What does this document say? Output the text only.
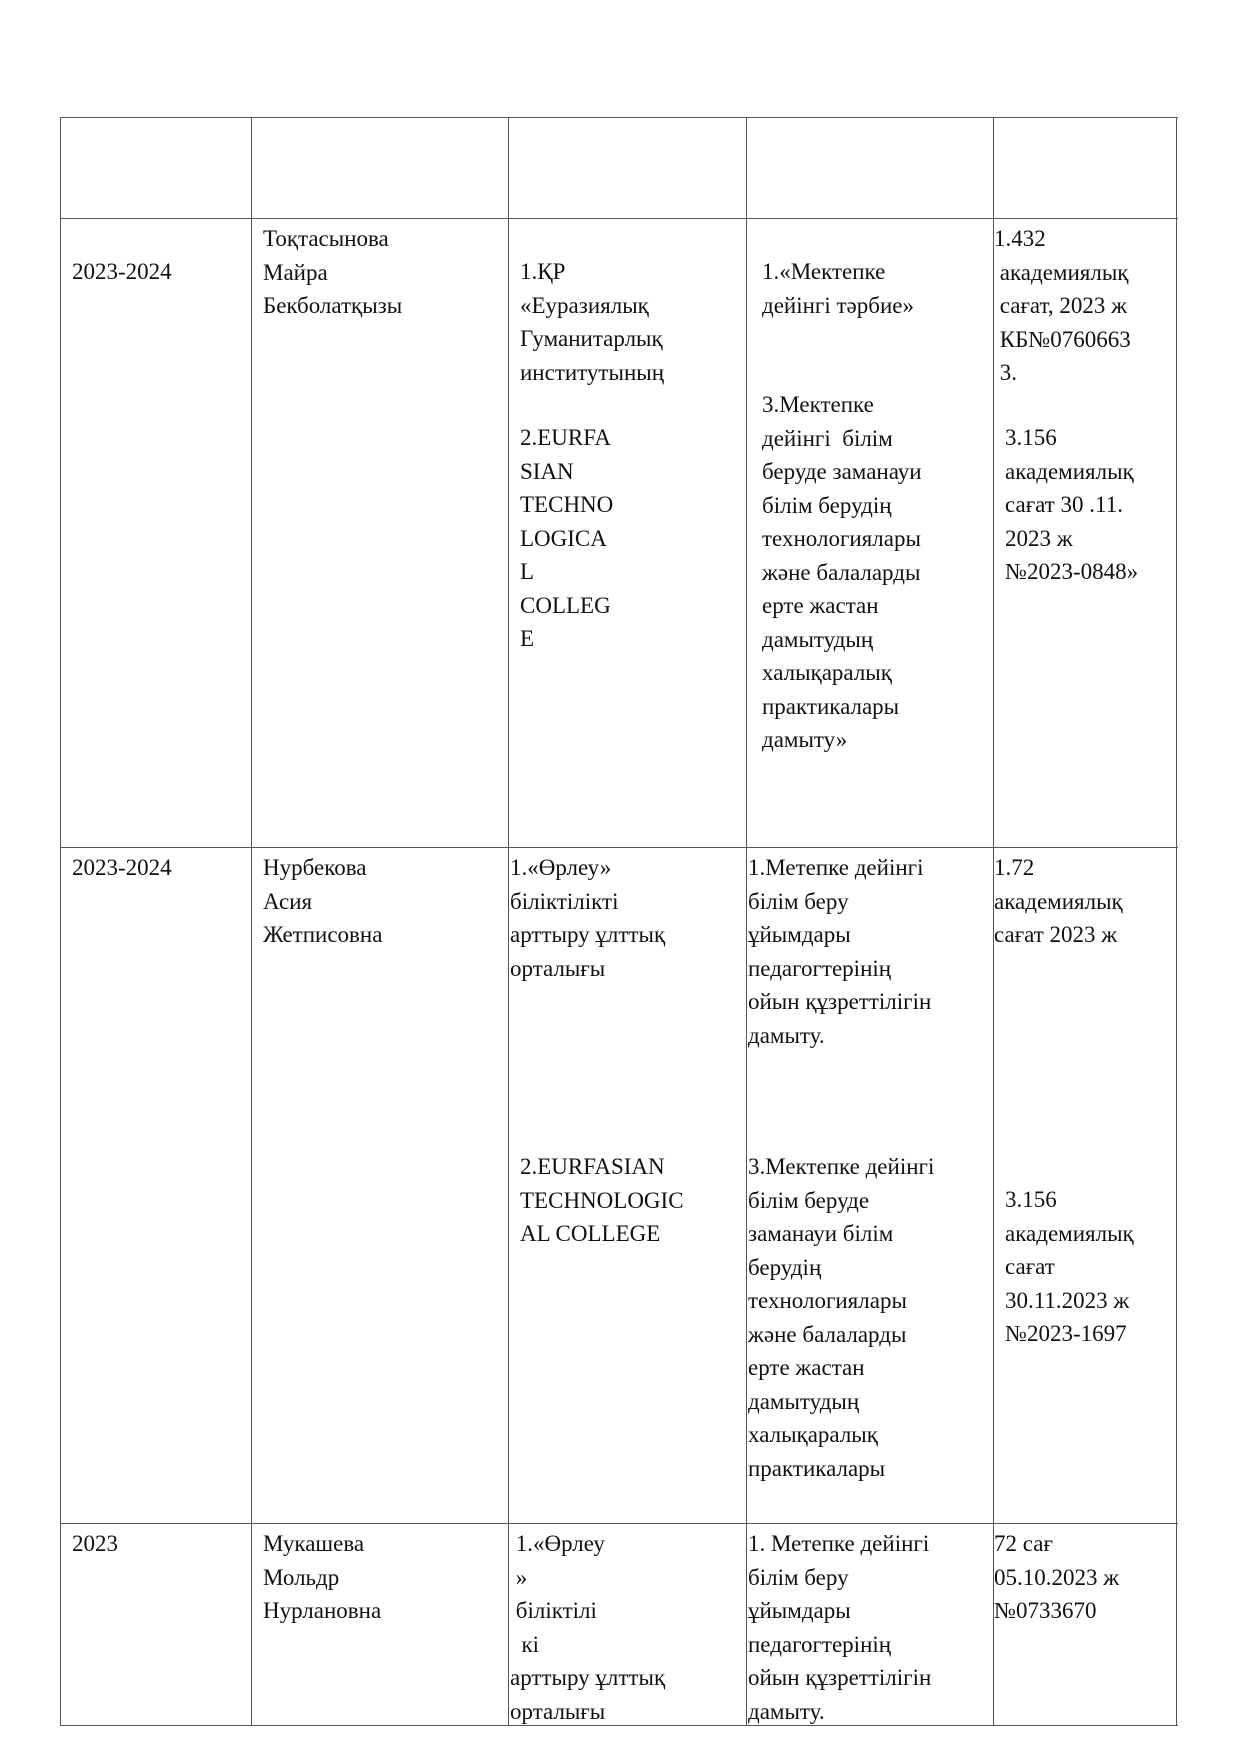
2023-2024
Тоқтасынова
Майра
Бекболатқызы
1.ҚР
«Еуразиялық
Гуманитарлық
институтының
2.EURFA
SIAN
TECHNO
LOGICA
L
COLLEG
E
1.«Мектепке
дейінгі тәрбие»
3.Мектепке
дейінгі  білім
беруде заманауи
білім берудің
технологиялары
және балаларды
ерте жастан
дамытудың
халықаралық
практикалары
дамыту»
1.432
академиялық
сағат, 2023 ж
КБ№0760663
3.
3.156
академиялық
сағат 30 .11.
2023 ж
№2023-0848»
2023-2024	Нурбекова
Асия
Жетписовна
1.«Өрлеу»
біліктілікті
арттыру ұлттық
орталығы
2.EURFASIAN
TECHNOLOGIC
AL COLLEGE
1.Метепке дейінгі
білім беру
ұйымдары
педагогтерінің
ойын құзреттілігін
дамыту.
3.Мектепке дейінгі
білім беруде
заманауи білім
берудің
технологиялары
және балаларды
ерте жастан
дамытудың
халықаралық
практикалары
1.72
академиялық
сағат 2023 ж
3.156
академиялық
сағат
30.11.2023 ж
№2023-1697
2023	Мукашева
Мольдр
Нурлановна
1.«Өрлеу
»
біліктілі
кі
арттыру ұлттық
орталығы
1. Метепке дейінгі
білім беру
ұйымдары
педагогтерінің
ойын құзреттілігін
дамыту.
72 сағ
05.10.2023 ж
№0733670
